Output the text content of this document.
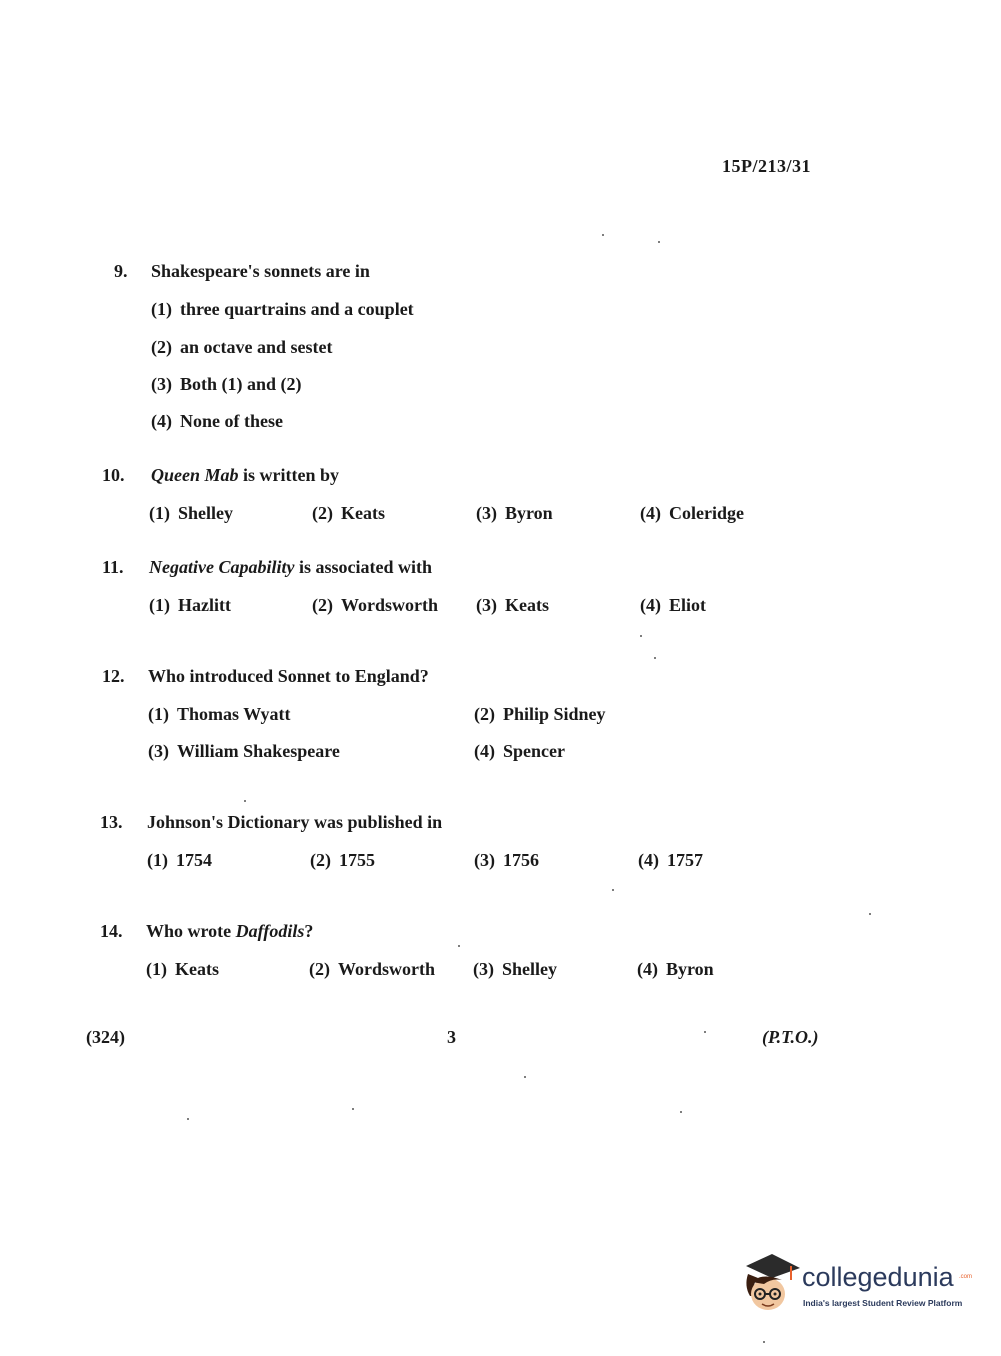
15P/213/31
9. Shakespeare's sonnets are in
(1) three quartrains and a couplet
(2) an octave and sestet
(3) Both (1) and (2)
(4) None of these
10. Queen Mab is written by
(1) Shelley	(2) Keats	(3) Byron	(4) Coleridge
11. Negative Capability is associated with
(1) Hazlitt	(2) Wordsworth (3) Keats	(4) Eliot
12. Who introduced Sonnet to England?
(1) Thomas Wyatt	(2) Philip Sidney
(3) William Shakespeare	(4) Spencer
13. Johnson's Dictionary was published in
(1) 1754	(2) 1755	(3) 1756	(4) 1757
14. Who wrote Daffodils?
(1) Keats	(2) Wordsworth (3) Shelley	(4) Byron
(324)	3	(P.T.O.)
collegedunia .com
India's largest Student Review Platform
